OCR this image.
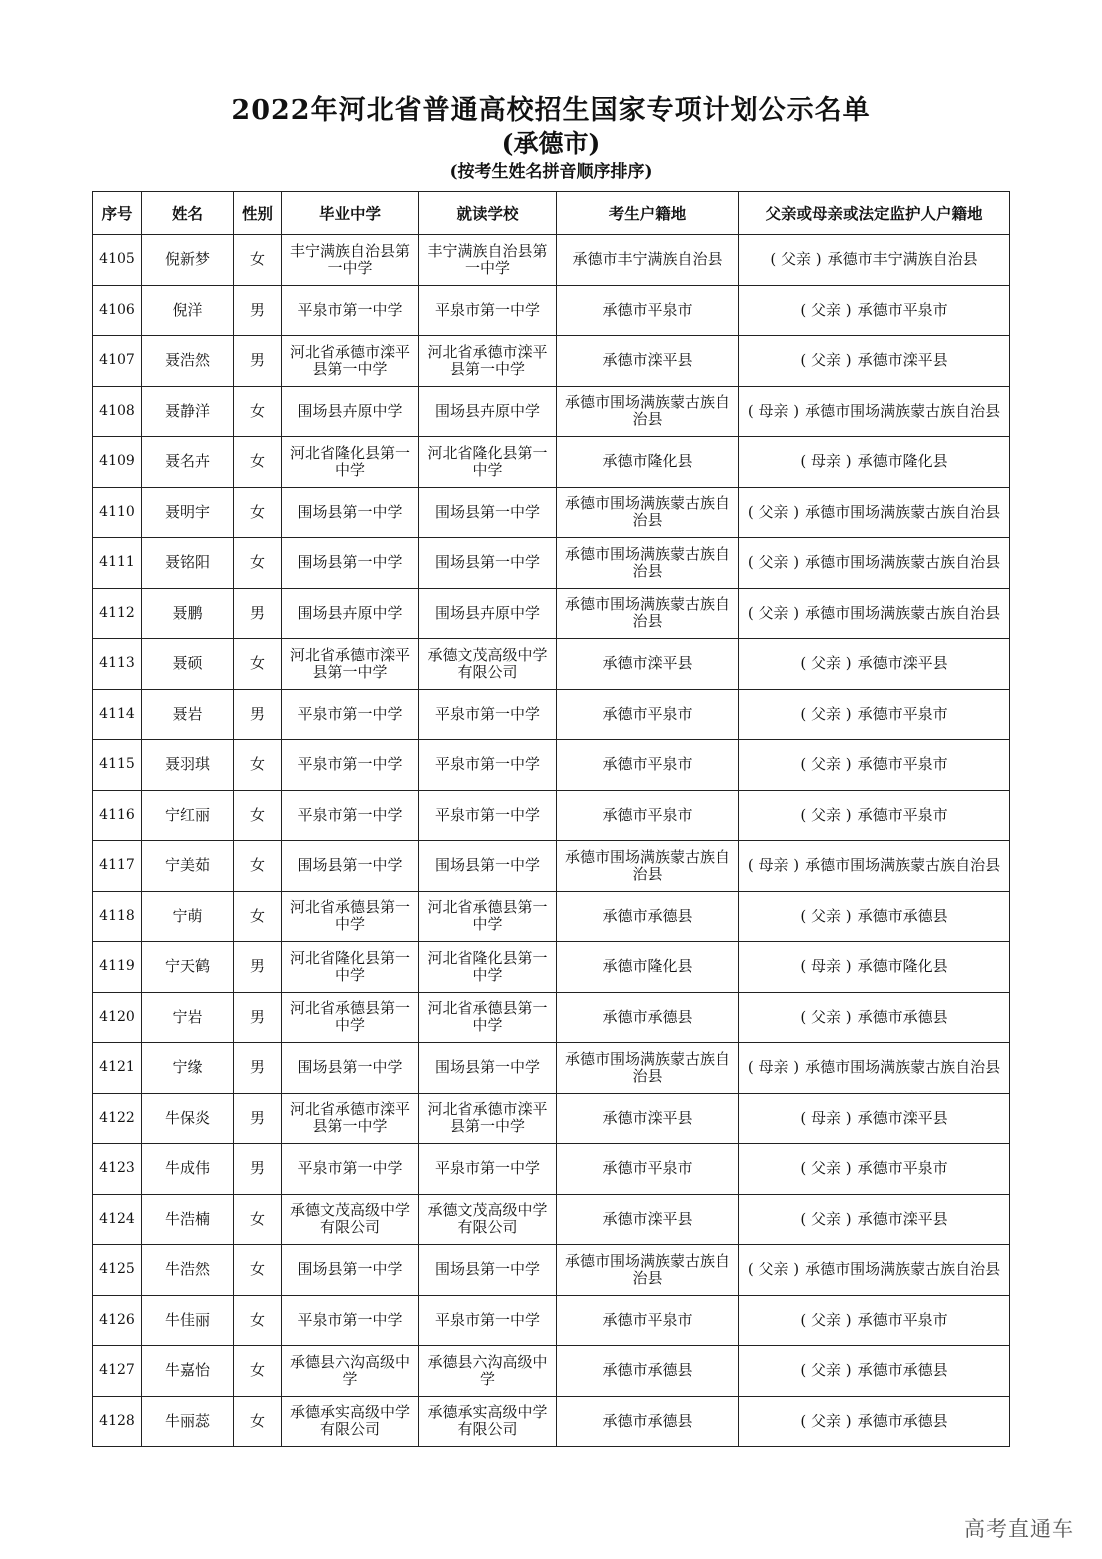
2022年河北省普通高校招生国家专项计划公示名单
(承德市)
(按考生姓名拼音顺序排序)
序号	姓名	性别	毕业中学	就读学校	考生户籍地	父亲或母亲或法定监护人户籍地
4105	倪新梦	女	丰宁满族自治县第一中学	丰宁满族自治县第一中学	承德市丰宁满族自治县	( 父亲 ) 承德市丰宁满族自治县
4106	倪洋	男	平泉市第一中学	平泉市第一中学	承德市平泉市	( 父亲 ) 承德市平泉市
4107	聂浩然	男	河北省承德市滦平县第一中学	河北省承德市滦平县第一中学	承德市滦平县	( 父亲 ) 承德市滦平县
4108	聂静洋	女	围场县卉原中学	围场县卉原中学	承德市围场满族蒙古族自治县	( 母亲 ) 承德市围场满族蒙古族自治县
4109	聂名卉	女	河北省隆化县第一中学	河北省隆化县第一中学	承德市隆化县	( 母亲 ) 承德市隆化县
4110	聂明宇	女	围场县第一中学	围场县第一中学	承德市围场满族蒙古族自治县	( 父亲 ) 承德市围场满族蒙古族自治县
4111	聂铭阳	女	围场县第一中学	围场县第一中学	承德市围场满族蒙古族自治县	( 父亲 ) 承德市围场满族蒙古族自治县
4112	聂鹏	男	围场县卉原中学	围场县卉原中学	承德市围场满族蒙古族自治县	( 父亲 ) 承德市围场满族蒙古族自治县
4113	聂硕	女	河北省承德市滦平县第一中学	承德文茂高级中学有限公司	承德市滦平县	( 父亲 ) 承德市滦平县
4114	聂岩	男	平泉市第一中学	平泉市第一中学	承德市平泉市	( 父亲 ) 承德市平泉市
4115	聂羽琪	女	平泉市第一中学	平泉市第一中学	承德市平泉市	( 父亲 ) 承德市平泉市
4116	宁红丽	女	平泉市第一中学	平泉市第一中学	承德市平泉市	( 父亲 ) 承德市平泉市
4117	宁美茹	女	围场县第一中学	围场县第一中学	承德市围场满族蒙古族自治县	( 母亲 ) 承德市围场满族蒙古族自治县
4118	宁萌	女	河北省承德县第一中学	河北省承德县第一中学	承德市承德县	( 父亲 ) 承德市承德县
4119	宁天鹤	男	河北省隆化县第一中学	河北省隆化县第一中学	承德市隆化县	( 母亲 ) 承德市隆化县
4120	宁岩	男	河北省承德县第一中学	河北省承德县第一中学	承德市承德县	( 父亲 ) 承德市承德县
4121	宁缘	男	围场县第一中学	围场县第一中学	承德市围场满族蒙古族自治县	( 母亲 ) 承德市围场满族蒙古族自治县
4122	牛保炎	男	河北省承德市滦平县第一中学	河北省承德市滦平县第一中学	承德市滦平县	( 母亲 ) 承德市滦平县
4123	牛成伟	男	平泉市第一中学	平泉市第一中学	承德市平泉市	( 父亲 ) 承德市平泉市
4124	牛浩楠	女	承德文茂高级中学有限公司	承德文茂高级中学有限公司	承德市滦平县	( 父亲 ) 承德市滦平县
4125	牛浩然	女	围场县第一中学	围场县第一中学	承德市围场满族蒙古族自治县	( 父亲 ) 承德市围场满族蒙古族自治县
4126	牛佳丽	女	平泉市第一中学	平泉市第一中学	承德市平泉市	( 父亲 ) 承德市平泉市
4127	牛嘉怡	女	承德县六沟高级中学	承德县六沟高级中学	承德市承德县	( 父亲 ) 承德市承德县
4128	牛丽蕊	女	承德承实高级中学有限公司	承德承实高级中学有限公司	承德市承德县	( 父亲 ) 承德市承德县
高考直通车
